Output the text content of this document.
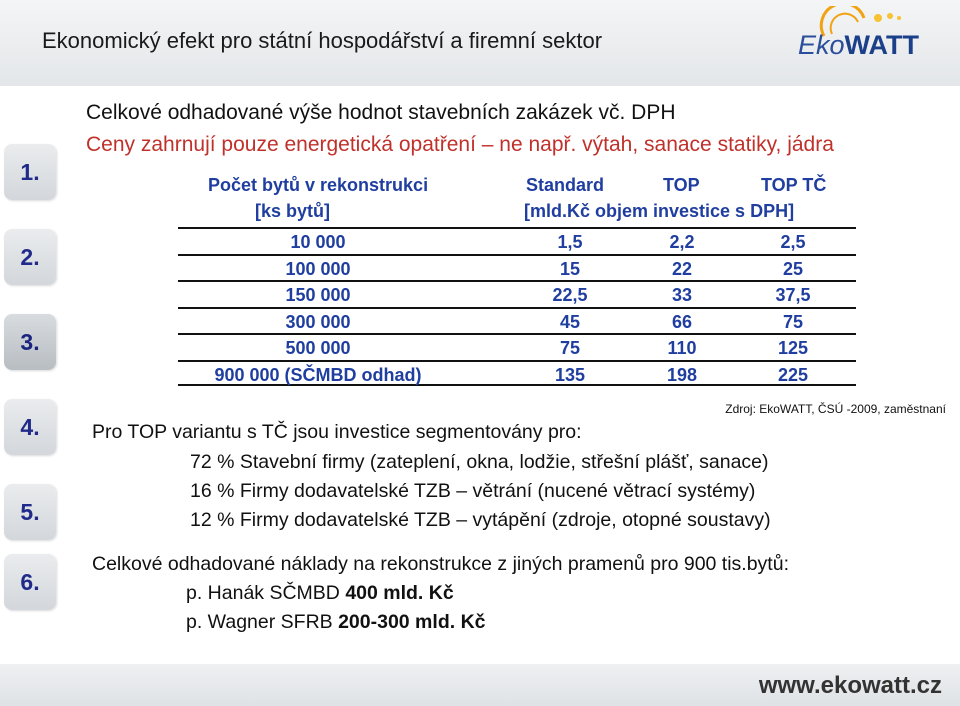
Ekonomický efekt pro státní hospodářství a firemní sektor	EkoWATT
1.
2.
3.
4.
5.
6.
Celkové odhadované výše hodnot stavebních zakázek vč. DPH
Ceny zahrnují pouze energetická opatření – ne např. výtah, sanace statiky, jádra
Počet bytů v rekonstrukci
[ks bytů]
Standard	TOP	TOP TČ
[mld.Kč objem investice s DPH]
10 000	1,5	2,2	2,5
100 000	15	22	25
150 000	22,5	33	37,5
300 000	45	66	75
500 000	75	110	125
900 000 (SČMBD odhad)	135	198	225
Zdroj: EkoWATT, ČSÚ -2009, zaměstnaní
Pro TOP variantu s TČ jsou investice segmentovány pro:
72 % Stavební firmy (zateplení, okna, lodžie, střešní plášť, sanace)
16 % Firmy dodavatelské TZB – větrání (nucené větrací systémy)
12 % Firmy dodavatelské TZB – vytápění (zdroje, otopné soustavy)
Celkové odhadované náklady na rekonstrukce z jiných pramenů pro 900 tis.bytů:
p. Hanák SČMBD 400 mld. Kč
p. Wagner SFRB 200-300 mld. Kč
www.ekowatt.cz
